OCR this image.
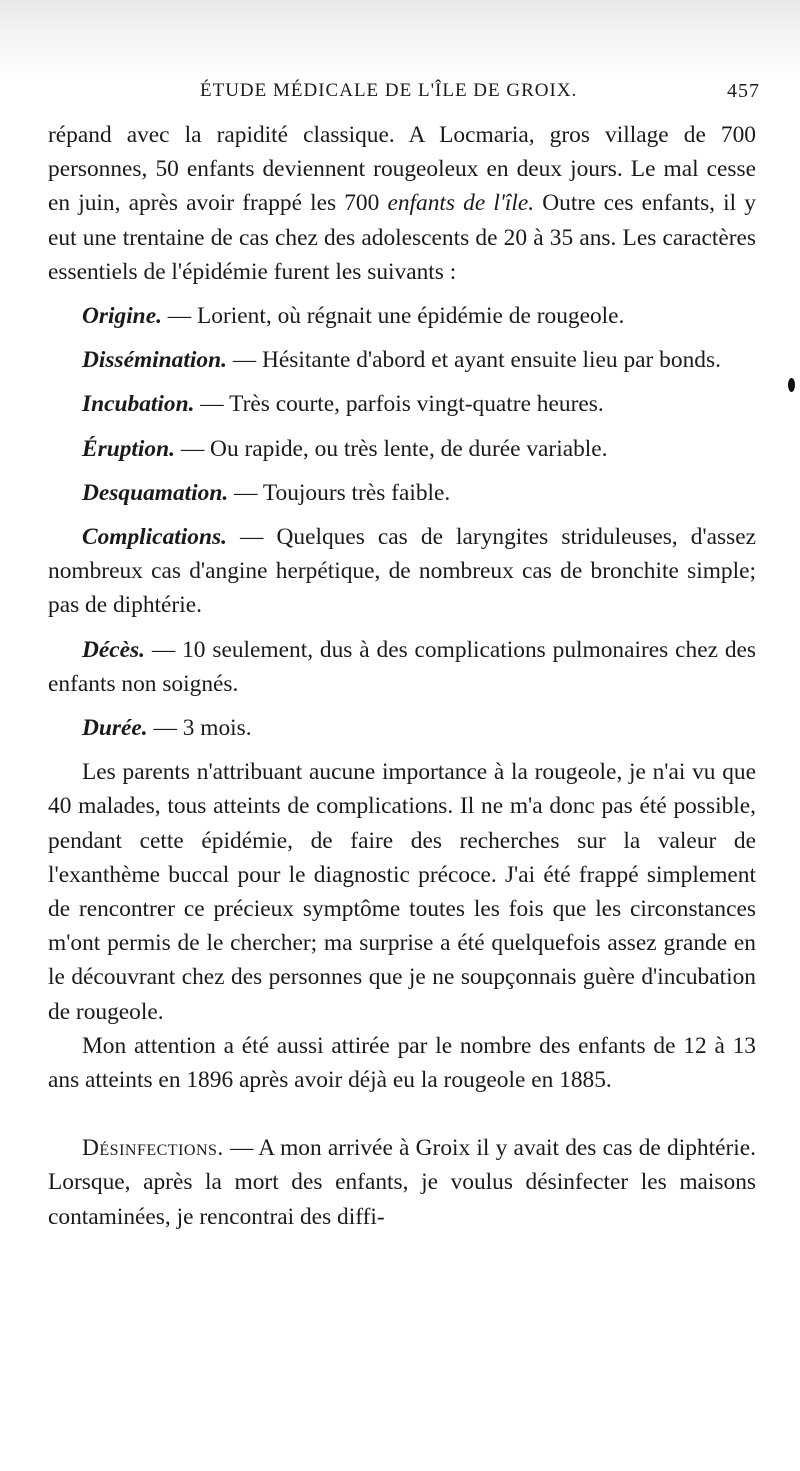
ÉTUDE MÉDICALE DE L'ÎLE DE GROIX.	457

répand avec la rapidité classique. A Locmaria, gros village de 700 personnes, 50 enfants deviennent rougeoleux en deux jours. Le mal cesse en juin, après avoir frappé les 700 enfants de l'île. Outre ces enfants, il y eut une trentaine de cas chez des adolescents de 20 à 35 ans. Les caractères essentiels de l'épidémie furent les suivants :

Origine. — Lorient, où régnait une épidémie de rougeole.

Dissémination. — Hésitante d'abord et ayant ensuite lieu par bonds.

Incubation. — Très courte, parfois vingt-quatre heures.

Éruption. — Ou rapide, ou très lente, de durée variable.

Desquamation. — Toujours très faible.

Complications. — Quelques cas de laryngites striduleuses, d'assez nombreux cas d'angine herpétique, de nombreux cas de bronchite simple; pas de diphtérie.

Décès. — 10 seulement, dus à des complications pulmonaires chez des enfants non soignés.

Durée. — 3 mois.

Les parents n'attribuant aucune importance à la rougeole, je n'ai vu que 40 malades, tous atteints de complications. Il ne m'a donc pas été possible, pendant cette épidémie, de faire des recherches sur la valeur de l'exanthème buccal pour le diagnostic précoce. J'ai été frappé simplement de rencontrer ce précieux symptôme toutes les fois que les circonstances m'ont permis de le chercher; ma surprise a été quelquefois assez grande en le découvrant chez des personnes que je ne soupçonnais guère d'incubation de rougeole.

Mon attention a été aussi attirée par le nombre des enfants de 12 à 13 ans atteints en 1896 après avoir déjà eu la rougeole en 1885.

Désinfections. — A mon arrivée à Groix il y avait des cas de diphtérie. Lorsque, après la mort des enfants, je voulus désinfecter les maisons contaminées, je rencontrai des diffi-
